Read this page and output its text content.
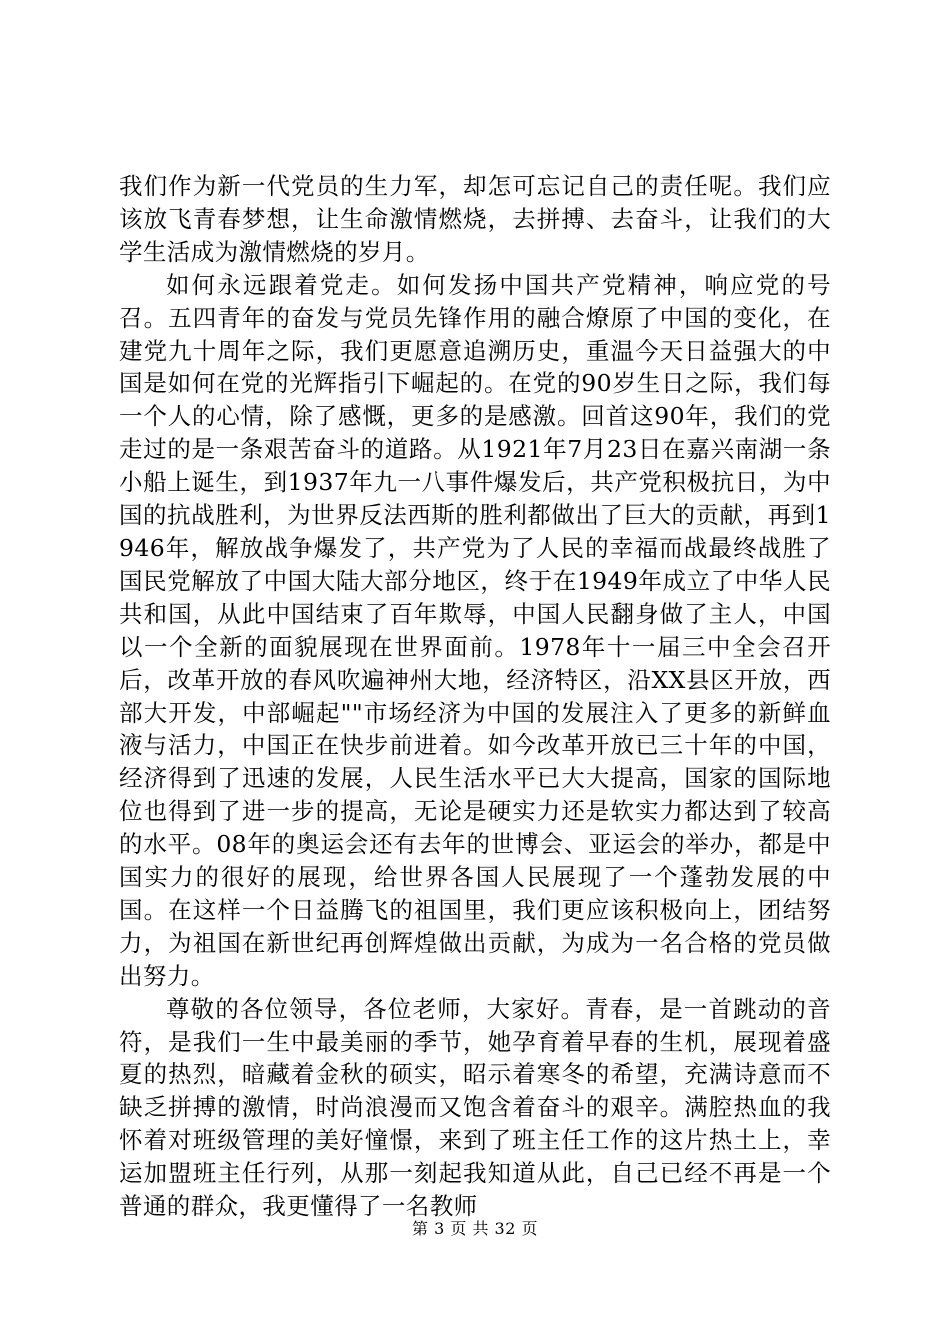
我们作为新一代党员的生力军，却怎可忘记自己的责任呢。我们应该放飞青春梦想，让生命激情燃烧，去拼搏、去奋斗，让我们的大学生活成为激情燃烧的岁月。

如何永远跟着党走。如何发扬中国共产党精神，响应党的号召。五四青年的奋发与党员先锋作用的融合燎原了中国的变化，在建党九十周年之际，我们更愿意追溯历史，重温今天日益强大的中国是如何在党的光辉指引下崛起的。在党的90岁生日之际，我们每一个人的心情，除了感慨，更多的是感激。回首这90年，我们的党走过的是一条艰苦奋斗的道路。从1921年7月23日在嘉兴南湖一条小船上诞生，到1937年九一八事件爆发后，共产党积极抗日，为中国的抗战胜利，为世界反法西斯的胜利都做出了巨大的贡献，再到1946年，解放战争爆发了，共产党为了人民的幸福而战最终战胜了国民党解放了中国大陆大部分地区，终于在1949年成立了中华人民共和国，从此中国结束了百年欺辱，中国人民翻身做了主人，中国以一个全新的面貌展现在世界面前。1978年十一届三中全会召开后，改革开放的春风吹遍神州大地，经济特区，沿XX县区开放，西部大开发，中部崛起""市场经济为中国的发展注入了更多的新鲜血液与活力，中国正在快步前进着。如今改革开放已三十年的中国，经济得到了迅速的发展，人民生活水平已大大提高，国家的国际地位也得到了进一步的提高，无论是硬实力还是软实力都达到了较高的水平。08年的奥运会还有去年的世博会、亚运会的举办，都是中国实力的很好的展现，给世界各国人民展现了一个蓬勃发展的中国。在这样一个日益腾飞的祖国里，我们更应该积极向上，团结努力，为祖国在新世纪再创辉煌做出贡献，为成为一名合格的党员做出努力。

尊敬的各位领导，各位老师，大家好。青春，是一首跳动的音符，是我们一生中最美丽的季节，她孕育着早春的生机，展现着盛夏的热烈，暗藏着金秋的硕实，昭示着寒冬的希望，充满诗意而不缺乏拼搏的激情，时尚浪漫而又饱含着奋斗的艰辛。满腔热血的我怀着对班级管理的美好憧憬，来到了班主任工作的这片热土上，幸运加盟班主任行列，从那一刻起我知道从此，自己已经不再是一个普通的群众，我更懂得了一名教师

第 3 页 共 32 页
